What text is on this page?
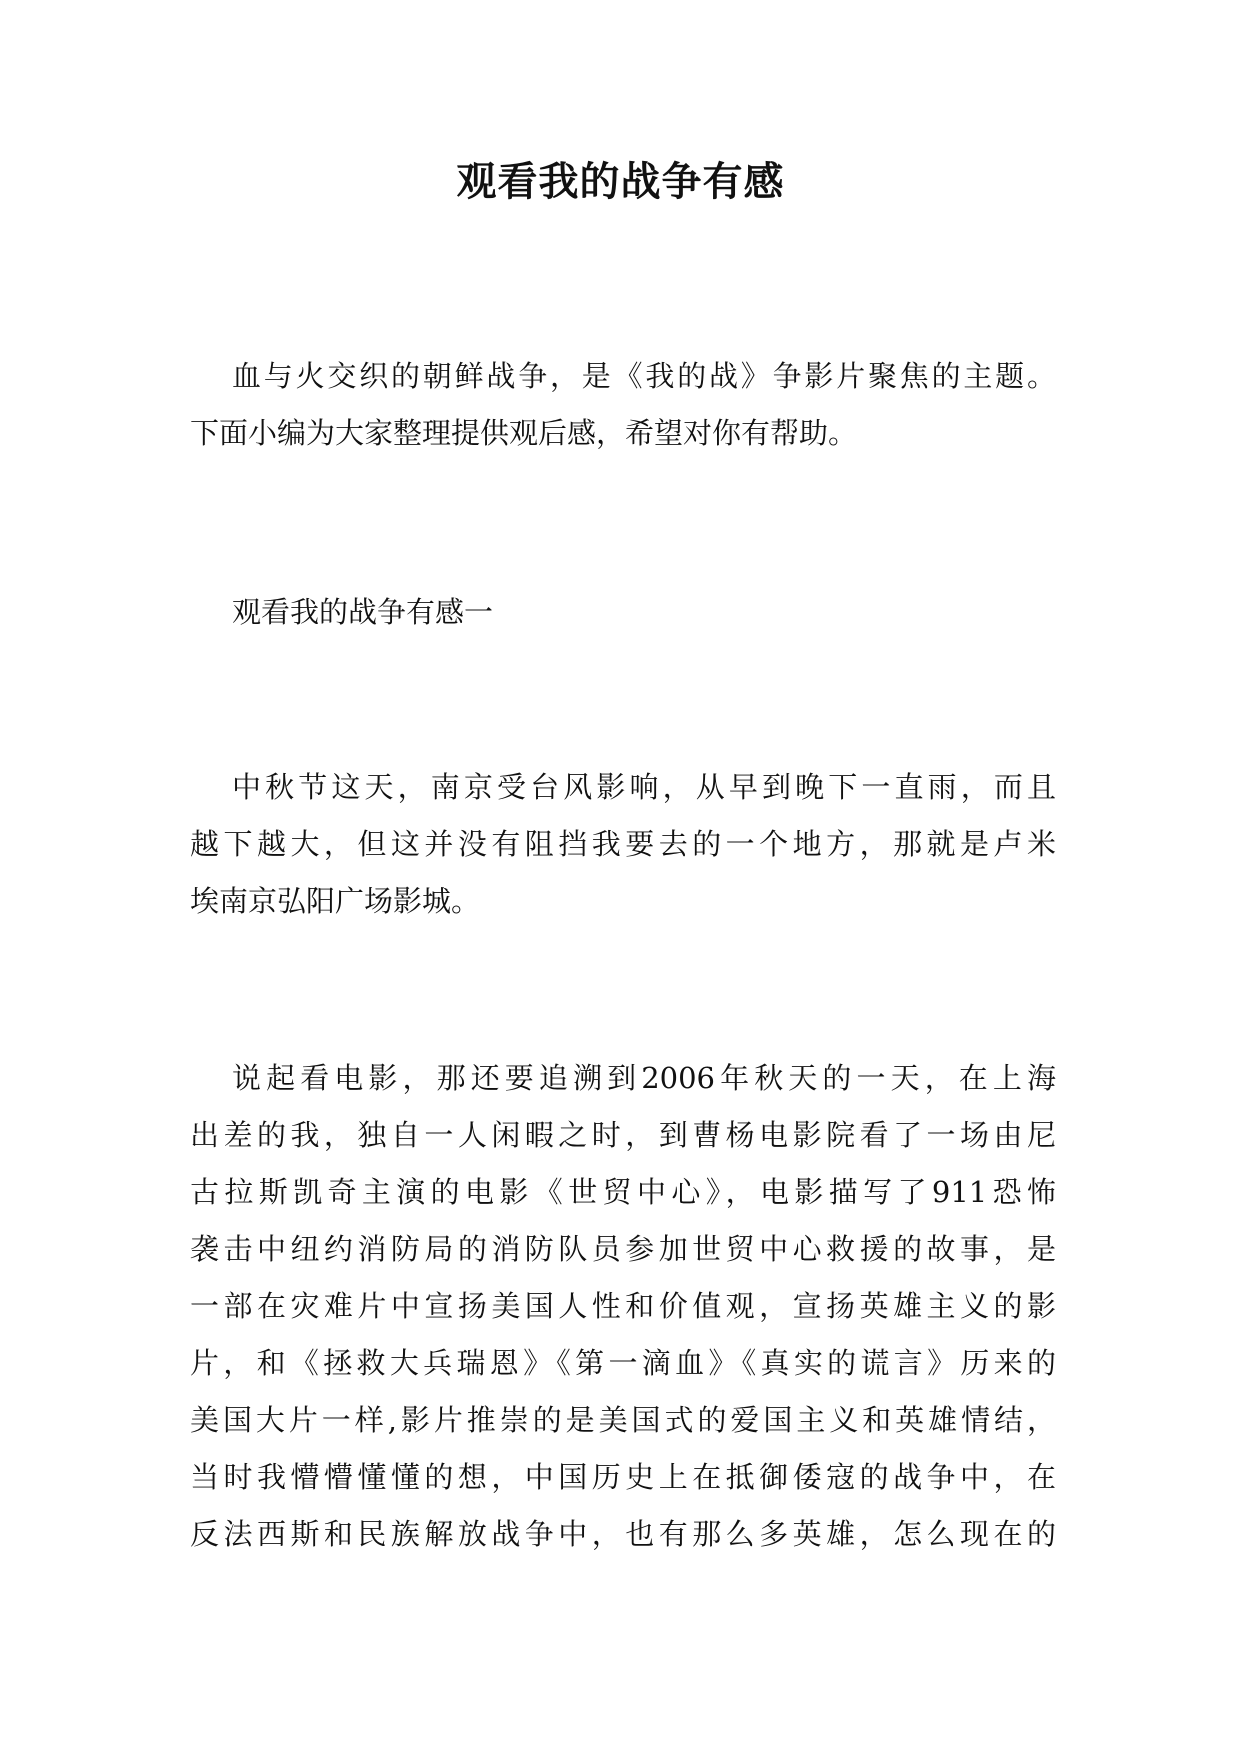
观看我的战争有感
血与火交织的朝鲜战争，是《我的战》争影片聚焦的主题。
下面小编为大家整理提供观后感，希望对你有帮助。
观看我的战争有感一
中秋节这天，南京受台风影响，从早到晚下一直雨，而且
越下越大，但这并没有阻挡我要去的一个地方，那就是卢米
埃南京弘阳广场影城。
说起看电影，那还要追溯到2006年秋天的一天，在上海
出差的我，独自一人闲暇之时，到曹杨电影院看了一场由尼
古拉斯凯奇主演的电影《世贸中心》，电影描写了911恐怖
袭击中纽约消防局的消防队员参加世贸中心救援的故事，是
一部在灾难片中宣扬美国人性和价值观，宣扬英雄主义的影
片，和《拯救大兵瑞恩》《第一滴血》《真实的谎言》历来的
美国大片一样,影片推崇的是美国式的爱国主义和英雄情结，
当时我懵懵懂懂的想，中国历史上在抵御倭寇的战争中，在
反法西斯和民族解放战争中，也有那么多英雄，怎么现在的
